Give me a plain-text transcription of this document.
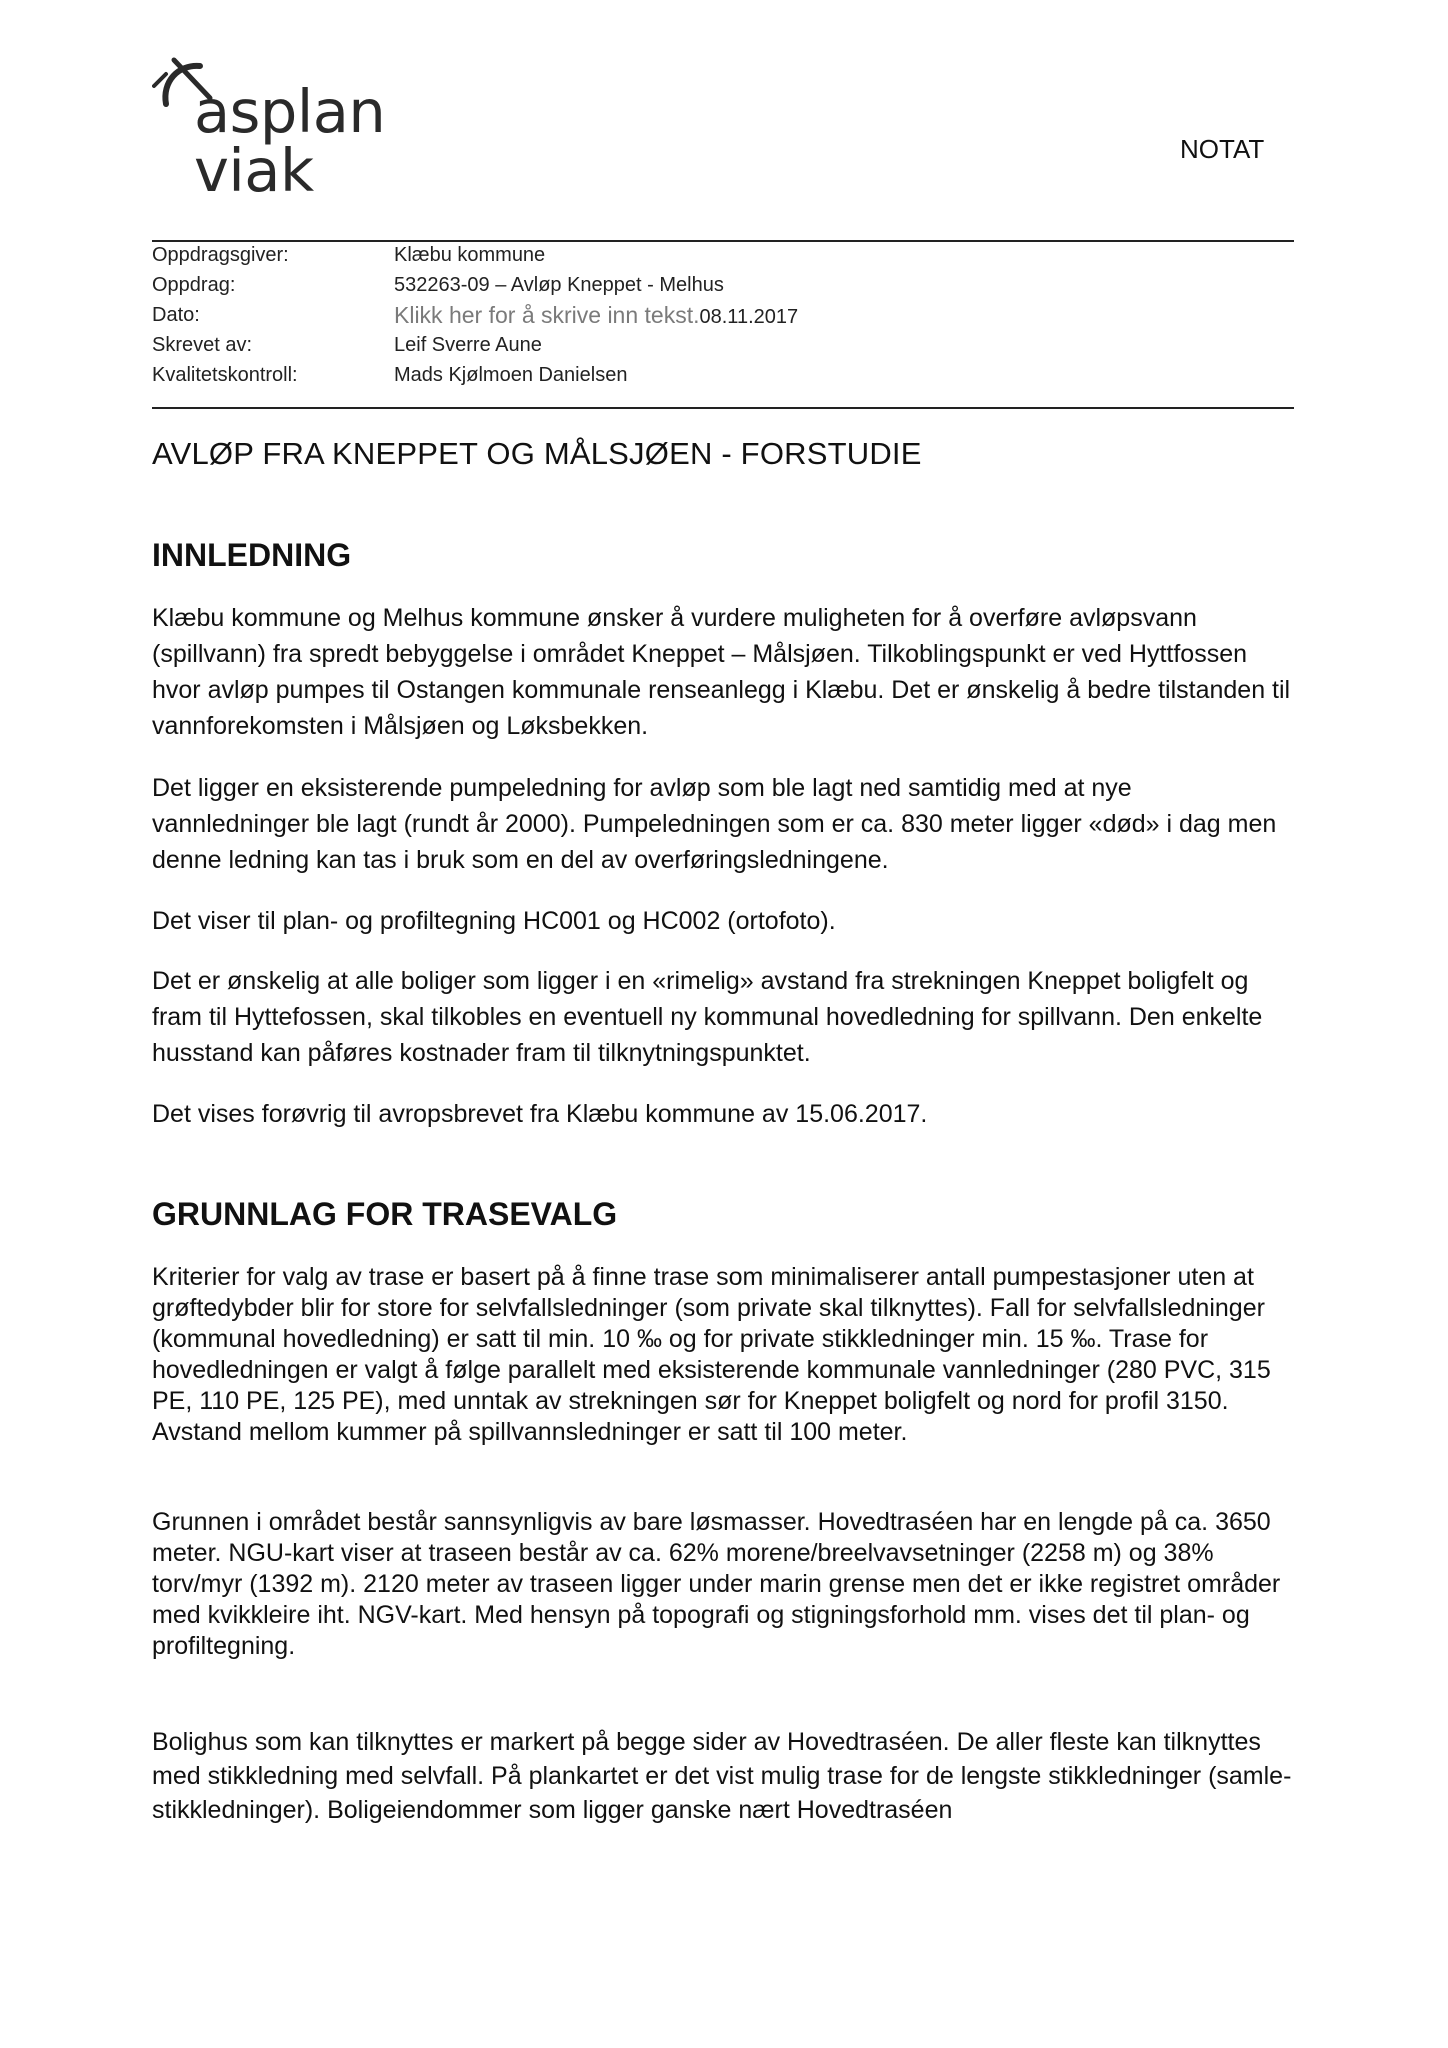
asplan viak	NOTAT
Oppdragsgiver:	Klæbu kommune
Oppdrag:	532263-09 – Avløp Kneppet - Melhus
Dato:	Klikk her for å skrive inn tekst.08.11.2017
Skrevet av:	Leif Sverre Aune
Kvalitetskontroll:	Mads Kjølmoen Danielsen
AVLØP FRA KNEPPET OG MÅLSJØEN - FORSTUDIE
INNLEDNING

Klæbu kommune og Melhus kommune ønsker å vurdere muligheten for å overføre avløpsvann (spillvann) fra spredt bebyggelse i området Kneppet – Målsjøen. Tilkoblingspunkt er ved Hyttfossen hvor avløp pumpes til Ostangen kommunale renseanlegg i Klæbu. Det er ønskelig å bedre tilstanden til vannforekomsten i Målsjøen og Løksbekken.

Det ligger en eksisterende pumpeledning for avløp som ble lagt ned samtidig med at nye vannledninger ble lagt (rundt år 2000). Pumpeledningen som er ca. 830 meter ligger «død» i dag men denne ledning kan tas i bruk som en del av overføringsledningene.

Det viser til plan- og profiltegning HC001 og HC002 (ortofoto).

Det er ønskelig at alle boliger som ligger i en «rimelig» avstand fra strekningen Kneppet boligfelt og fram til Hyttefossen, skal tilkobles en eventuell ny kommunal hovedledning for spillvann. Den enkelte husstand kan påføres kostnader fram til tilknytningspunktet.

Det vises forøvrig til avropsbrevet fra Klæbu kommune av 15.06.2017.

GRUNNLAG FOR TRASEVALG

Kriterier for valg av trase er basert på å finne trase som minimaliserer antall pumpestasjoner uten at grøftedybder blir for store for selvfallsledninger (som private skal tilknyttes). Fall for selvfallsledninger (kommunal hovedledning) er satt til min. 10 ‰ og for private stikkledninger min. 15 ‰. Trase for hovedledningen er valgt å følge parallelt med eksisterende kommunale vannledninger (280 PVC, 315 PE, 110 PE, 125 PE), med unntak av strekningen sør for Kneppet boligfelt og nord for profil 3150. Avstand mellom kummer på spillvannsledninger er satt til 100 meter.

Grunnen i området består sannsynligvis av bare løsmasser. Hovedtraséen har en lengde på ca. 3650 meter. NGU-kart viser at traseen består av ca. 62% morene/breelvavsetninger (2258 m) og 38% torv/myr (1392 m). 2120 meter av traseen ligger under marin grense men det er ikke registret områder med kvikkleire iht. NGV-kart. Med hensyn på topografi og stigningsforhold mm. vises det til plan- og profiltegning.

Bolighus som kan tilknyttes er markert på begge sider av Hovedtraséen. De aller fleste kan tilknyttes med stikkledning med selvfall. På plankartet er det vist mulig trase for de lengste stikkledninger (samle-stikkledninger). Boligeiendommer som ligger ganske nært Hovedtraséen
